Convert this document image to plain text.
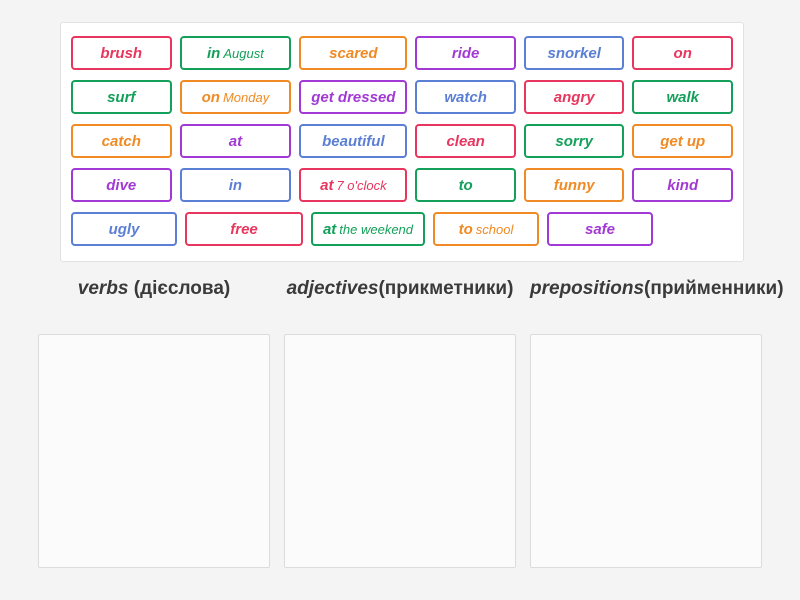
brush	in August	scared	ride	snorkel	on
surf	on Monday	get dressed	watch	angry	walk
catch	at	beautiful	clean	sorry	get up
dive	in	at 7 o'clock	to	funny	kind
ugly	free	at the weekend	to school	safe
verbs (дієслова)	adjectives(прикметники) prepositions(прийменники)
